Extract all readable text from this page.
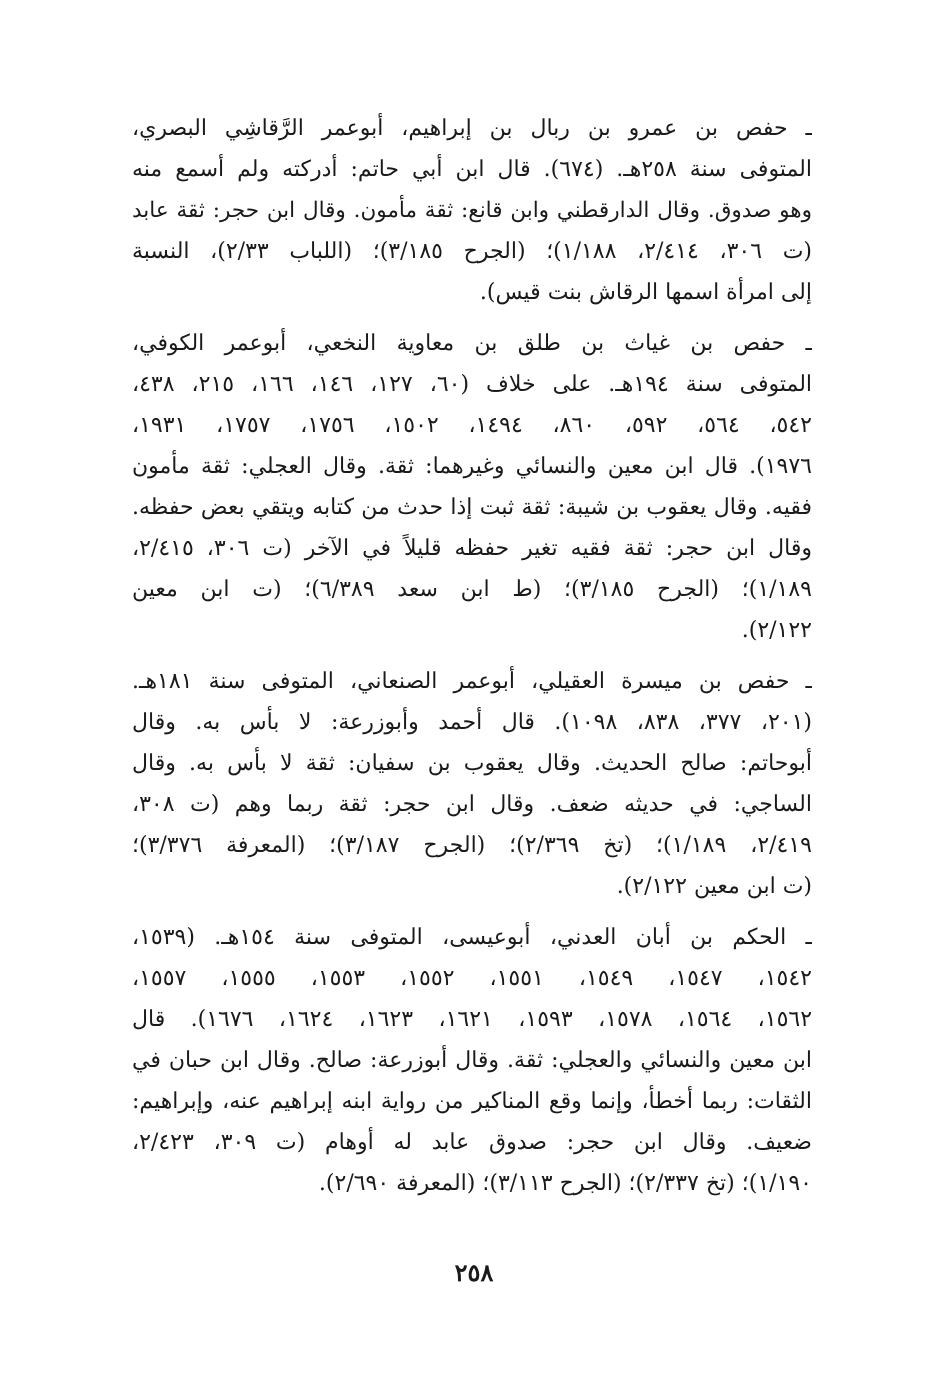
ـ حفص بن عمرو بن ربال بن إبراهيم، أبوعمر الرَّقاشِي البصري،
المتوفى سنة ٢٥٨هـ. (٦٧٤). قال ابن أبي حاتم: أدركته ولم أسمع منه
وهو صدوق. وقال الدارقطني وابن قانع: ثقة مأمون. وقال ابن حجر: ثقة عابد
(ت ٣٠٦، ٢/٤١٤، ١/١٨٨)؛ (الجرح ٣/١٨٥)؛ (اللباب ٢/٣٣)، النسبة
إلى امرأة اسمها الرقاش بنت قيس).
ـ حفص بن غياث بن طلق بن معاوية النخعي، أبوعمر الكوفي،
المتوفى سنة ١٩٤هـ. على خلاف (٦٠، ١٢٧، ١٤٦، ١٦٦، ٢١٥، ٤٣٨،
٥٤٢، ٥٦٤، ٥٩٢، ٨٦٠، ١٤٩٤، ١٥٠٢، ١٧٥٦، ١٧٥٧، ١٩٣١،
١٩٧٦). قال ابن معين والنسائي وغيرهما: ثقة. وقال العجلي: ثقة مأمون
فقيه. وقال يعقوب بن شيبة: ثقة ثبت إذا حدث من كتابه ويتقي بعض حفظه.
وقال ابن حجر: ثقة فقيه تغير حفظه قليلاً في الآخر (ت ٣٠٦، ٢/٤١٥،
١/١٨٩)؛ (الجرح ٣/١٨٥)؛ (ط ابن سعد ٦/٣٨٩)؛ (ت ابن معين
٢/١٢٢).
ـ حفص بن ميسرة العقيلي، أبوعمر الصنعاني، المتوفى سنة ١٨١هـ.
(٢٠١، ٣٧٧، ٨٣٨، ١٠٩٨). قال أحمد وأبوزرعة: لا بأس به. وقال
أبوحاتم: صالح الحديث. وقال يعقوب بن سفيان: ثقة لا بأس به. وقال
الساجي: في حديثه ضعف. وقال ابن حجر: ثقة ربما وهم (ت ٣٠٨،
٢/٤١٩، ١/١٨٩)؛ (تخ ٢/٣٦٩)؛ (الجرح ٣/١٨٧)؛ (المعرفة ٣/٣٧٦)؛
(ت ابن معين ٢/١٢٢).
ـ الحكم بن أبان العدني، أبوعيسى، المتوفى سنة ١٥٤هـ. (١٥٣٩،
١٥٤٢، ١٥٤٧، ١٥٤٩، ١٥٥١، ١٥٥٢، ١٥٥٣، ١٥٥٥، ١٥٥٧،
١٥٦٢، ١٥٦٤، ١٥٧٨، ١٥٩٣، ١٦٢١، ١٦٢٣، ١٦٢٤، ١٦٧٦). قال
ابن معين والنسائي والعجلي: ثقة. وقال أبوزرعة: صالح. وقال ابن حبان في
الثقات: ربما أخطأ، وإنما وقع المناكير من رواية ابنه إبراهيم عنه، وإبراهيم:
ضعيف. وقال ابن حجر: صدوق عابد له أوهام (ت ٣٠٩، ٢/٤٢٣،
١/١٩٠)؛ (تخ ٢/٣٣٧)؛ (الجرح ٣/١١٣)؛ (المعرفة ٢/٦٩٠).
٢٥٨
